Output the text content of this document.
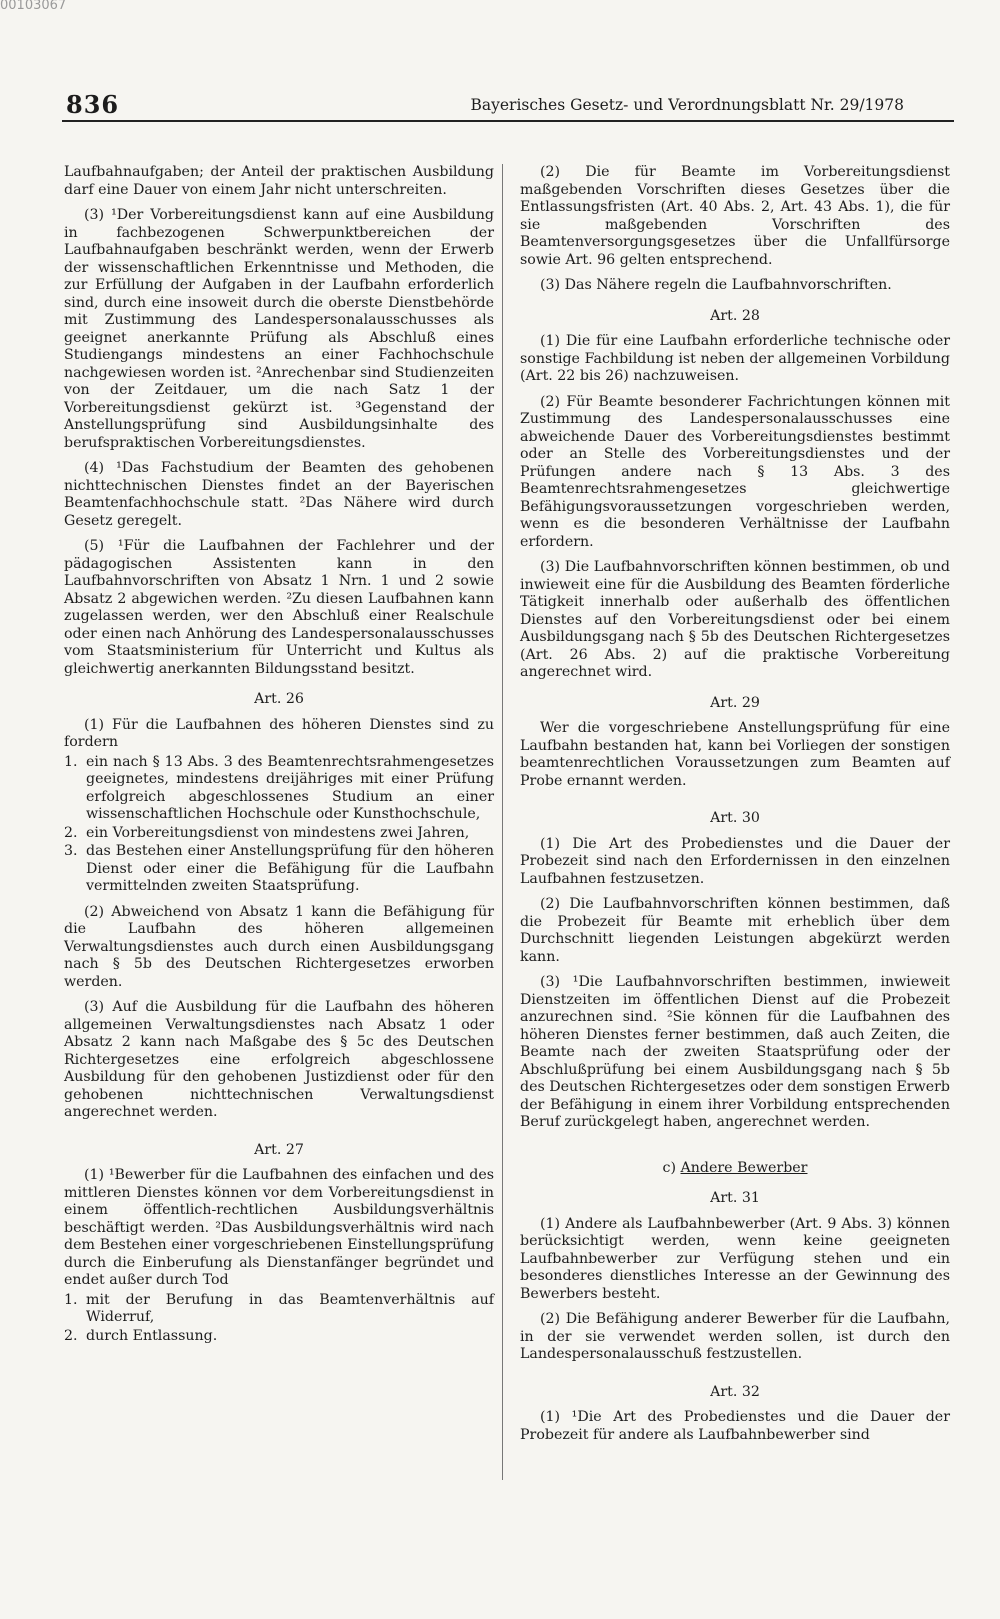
00103067
836	Bayerisches Gesetz- und Verordnungsblatt Nr. 29/1978

Laufbahnaufgaben; der Anteil der praktischen Ausbildung darf eine Dauer von einem Jahr nicht unterschreiten.

(3) ¹Der Vorbereitungsdienst kann auf eine Ausbildung in fachbezogenen Schwerpunktbereichen der Laufbahnaufgaben beschränkt werden, wenn der Erwerb der wissenschaftlichen Erkenntnisse und Methoden, die zur Erfüllung der Aufgaben in der Laufbahn erforderlich sind, durch eine insoweit durch die oberste Dienstbehörde mit Zustimmung des Landespersonalausschusses als geeignet anerkannte Prüfung als Abschluß eines Studiengangs mindestens an einer Fachhochschule nachgewiesen worden ist. ²Anrechenbar sind Studienzeiten von der Zeitdauer, um die nach Satz 1 der Vorbereitungsdienst gekürzt ist. ³Gegenstand der Anstellungsprüfung sind Ausbildungsinhalte des berufspraktischen Vorbereitungsdienstes.

(4) ¹Das Fachstudium der Beamten des gehobenen nichttechnischen Dienstes findet an der Bayerischen Beamtenfachhochschule statt. ²Das Nähere wird durch Gesetz geregelt.

(5) ¹Für die Laufbahnen der Fachlehrer und der pädagogischen Assistenten kann in den Laufbahnvorschriften von Absatz 1 Nrn. 1 und 2 sowie Absatz 2 abgewichen werden. ²Zu diesen Laufbahnen kann zugelassen werden, wer den Abschluß einer Realschule oder einen nach Anhörung des Landespersonalausschusses vom Staatsministerium für Unterricht und Kultus als gleichwertig anerkannten Bildungsstand besitzt.

Art. 26

(1) Für die Laufbahnen des höheren Dienstes sind zu fordern

1. ein nach § 13 Abs. 3 des Beamtenrechtsrahmengesetzes geeignetes, mindestens dreijähriges mit einer Prüfung erfolgreich abgeschlossenes Studium an einer wissenschaftlichen Hochschule oder Kunsthochschule,
2. ein Vorbereitungsdienst von mindestens zwei Jahren,
3. das Bestehen einer Anstellungsprüfung für den höheren Dienst oder einer die Befähigung für die Laufbahn vermittelnden zweiten Staatsprüfung.

(2) Abweichend von Absatz 1 kann die Befähigung für die Laufbahn des höheren allgemeinen Verwaltungsdienstes auch durch einen Ausbildungsgang nach § 5b des Deutschen Richtergesetzes erworben werden.

(3) Auf die Ausbildung für die Laufbahn des höheren allgemeinen Verwaltungsdienstes nach Absatz 1 oder Absatz 2 kann nach Maßgabe des § 5c des Deutschen Richtergesetzes eine erfolgreich abgeschlossene Ausbildung für den gehobenen Justizdienst oder für den gehobenen nichttechnischen Verwaltungsdienst angerechnet werden.

Art. 27

(1) ¹Bewerber für die Laufbahnen des einfachen und des mittleren Dienstes können vor dem Vorbereitungsdienst in einem öffentlich-rechtlichen Ausbildungsverhältnis beschäftigt werden. ²Das Ausbildungsverhältnis wird nach dem Bestehen einer vorgeschriebenen Einstellungsprüfung durch die Einberufung als Dienstanfänger begründet und endet außer durch Tod

1. mit der Berufung in das Beamtenverhältnis auf Widerruf,
2. durch Entlassung.

(2) Die für Beamte im Vorbereitungsdienst maßgebenden Vorschriften dieses Gesetzes über die Entlassungsfristen (Art. 40 Abs. 2, Art. 43 Abs. 1), die für sie maßgebenden Vorschriften des Beamtenversorgungsgesetzes über die Unfallfürsorge sowie Art. 96 gelten entsprechend.

(3) Das Nähere regeln die Laufbahnvorschriften.

Art. 28

(1) Die für eine Laufbahn erforderliche technische oder sonstige Fachbildung ist neben der allgemeinen Vorbildung (Art. 22 bis 26) nachzuweisen.

(2) Für Beamte besonderer Fachrichtungen können mit Zustimmung des Landespersonalausschusses eine abweichende Dauer des Vorbereitungsdienstes bestimmt oder an Stelle des Vorbereitungsdienstes und der Prüfungen andere nach § 13 Abs. 3 des Beamtenrechtsrahmengesetzes gleichwertige Befähigungsvoraussetzungen vorgeschrieben werden, wenn es die besonderen Verhältnisse der Laufbahn erfordern.

(3) Die Laufbahnvorschriften können bestimmen, ob und inwieweit eine für die Ausbildung des Beamten förderliche Tätigkeit innerhalb oder außerhalb des öffentlichen Dienstes auf den Vorbereitungsdienst oder bei einem Ausbildungsgang nach § 5b des Deutschen Richtergesetzes (Art. 26 Abs. 2) auf die praktische Vorbereitung angerechnet wird.

Art. 29

Wer die vorgeschriebene Anstellungsprüfung für eine Laufbahn bestanden hat, kann bei Vorliegen der sonstigen beamtenrechtlichen Voraussetzungen zum Beamten auf Probe ernannt werden.

Art. 30

(1) Die Art des Probedienstes und die Dauer der Probezeit sind nach den Erfordernissen in den einzelnen Laufbahnen festzusetzen.

(2) Die Laufbahnvorschriften können bestimmen, daß die Probezeit für Beamte mit erheblich über dem Durchschnitt liegenden Leistungen abgekürzt werden kann.

(3) ¹Die Laufbahnvorschriften bestimmen, inwieweit Dienstzeiten im öffentlichen Dienst auf die Probezeit anzurechnen sind. ²Sie können für die Laufbahnen des höheren Dienstes ferner bestimmen, daß auch Zeiten, die Beamte nach der zweiten Staatsprüfung oder der Abschlußprüfung bei einem Ausbildungsgang nach § 5b des Deutschen Richtergesetzes oder dem sonstigen Erwerb der Befähigung in einem ihrer Vorbildung entsprechenden Beruf zurückgelegt haben, angerechnet werden.

c) Andere Bewerber

Art. 31

(1) Andere als Laufbahnbewerber (Art. 9 Abs. 3) können berücksichtigt werden, wenn keine geeigneten Laufbahnbewerber zur Verfügung stehen und ein besonderes dienstliches Interesse an der Gewinnung des Bewerbers besteht.

(2) Die Befähigung anderer Bewerber für die Laufbahn, in der sie verwendet werden sollen, ist durch den Landespersonalausschuß festzustellen.

Art. 32

(1) ¹Die Art des Probedienstes und die Dauer der Probezeit für andere als Laufbahnbewerber sind
